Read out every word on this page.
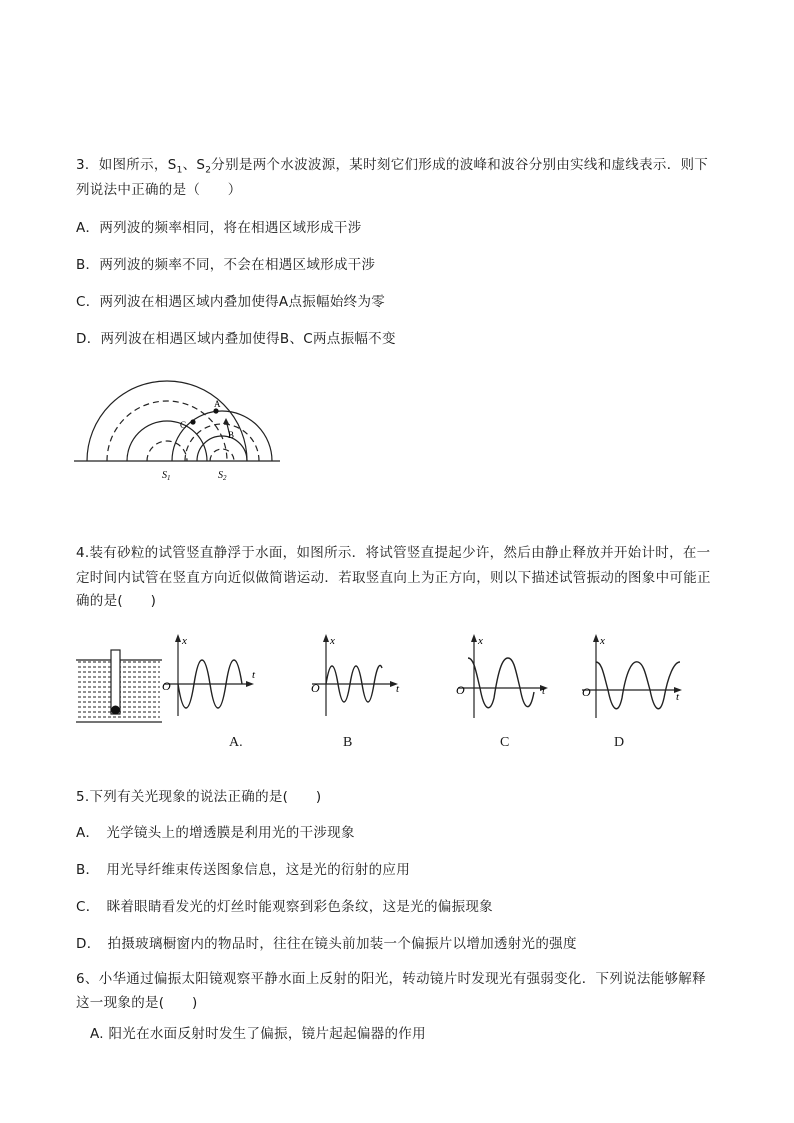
3．如图所示，$S_1$、$S_2$分别是两个水波波源，某时刻它们形成的波峰和波谷分别由实线和虚线表示．则下
列说法中正确的是（　　）
A．两列波的频率相同，将在相遇区域形成干涉
B．两列波的频率不同，不会在相遇区域形成干涉
C．两列波在相遇区域内叠加使得A点振幅始终为零
D．两列波在相遇区域内叠加使得B、C两点振幅不变
A
C
B
$S_1$	$S_2$
4.装有砂粒的试管竖直静浮于水面，如图所示．将试管竖直提起少许，然后由静止释放并开始计时，在一
定时间内试管在竖直方向近似做简谐运动．若取竖直向上为正方向，则以下描述试管振动的图象中可能正
确的是(　　)
x
O
t
x
O	t
x
O	t
x
O	t
A.	B	C	D
5.下列有关光现象的说法正确的是(　　)
A．　光学镜头上的增透膜是利用光的干涉现象
B．　用光导纤维束传送图象信息，这是光的衍射的应用
C．　眯着眼睛看发光的灯丝时能观察到彩色条纹，这是光的偏振现象
D．　拍摄玻璃橱窗内的物品时，往往在镜头前加装一个偏振片以增加透射光的强度
6、小华通过偏振太阳镜观察平静水面上反射的阳光，转动镜片时发现光有强弱变化．下列说法能够解释
这一现象的是(　　)
A. 阳光在水面反射时发生了偏振，镜片起起偏器的作用
